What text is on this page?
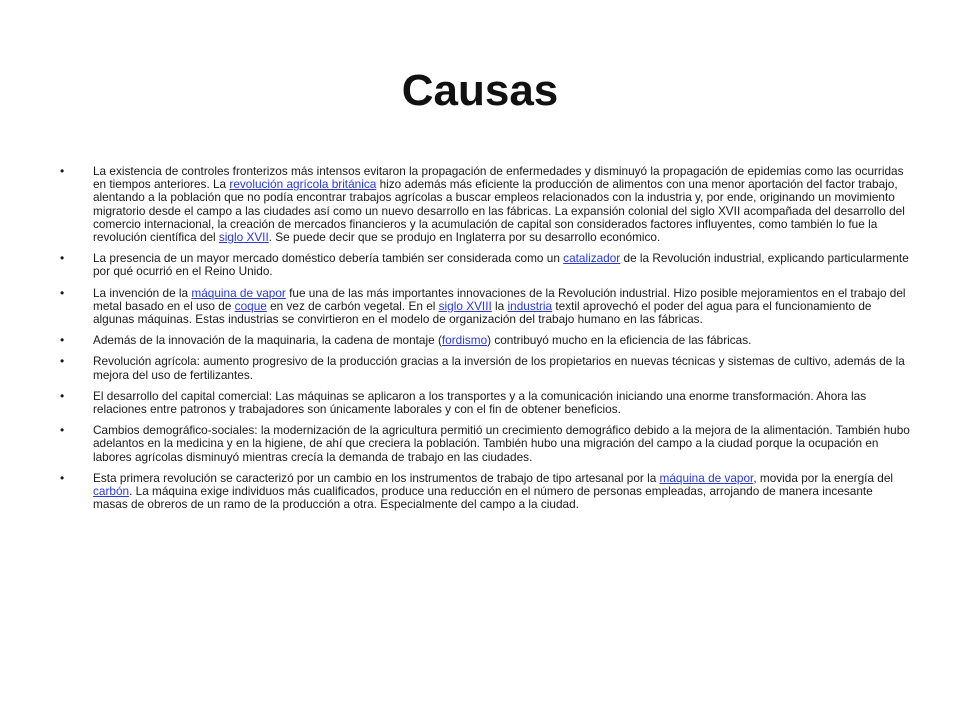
Causas
•	La existencia de controles fronterizos más intensos evitaron la propagación de enfermedades y disminuyó la propagación de epidemias como las ocurridas en tiempos anteriores. La revolución agrícola británica hizo además más eficiente la producción de alimentos con una menor aportación del factor trabajo, alentando a la población que no podía encontrar trabajos agrícolas a buscar empleos relacionados con la industria y, por ende, originando un movimiento migratorio desde el campo a las ciudades así como un nuevo desarrollo en las fábricas. La expansión colonial del siglo XVII acompañada del desarrollo del comercio internacional, la creación de mercados financieros y la acumulación de capital son considerados factores influyentes, como también lo fue la revolución científica del siglo XVII. Se puede decir que se produjo en Inglaterra por su desarrollo económico.
•	La presencia de un mayor mercado doméstico debería también ser considerada como un catalizador de la Revolución industrial, explicando particularmente por qué ocurrió en el Reino Unido.
•	La invención de la máquina de vapor fue una de las más importantes innovaciones de la Revolución industrial. Hizo posible mejoramientos en el trabajo del metal basado en el uso de coque en vez de carbón vegetal. En el siglo XVIII la industria textil aprovechó el poder del agua para el funcionamiento de algunas máquinas. Estas industrias se convirtieron en el modelo de organización del trabajo humano en las fábricas.
•	Además de la innovación de la maquinaria, la cadena de montaje (fordismo) contribuyó mucho en la eficiencia de las fábricas.
•	Revolución agrícola: aumento progresivo de la producción gracias a la inversión de los propietarios en nuevas técnicas y sistemas de cultivo, además de la mejora del uso de fertilizantes.
•	El desarrollo del capital comercial: Las máquinas se aplicaron a los transportes y a la comunicación iniciando una enorme transformación. Ahora las relaciones entre patronos y trabajadores son únicamente laborales y con el fin de obtener beneficios.
•	Cambios demográfico-sociales: la modernización de la agricultura permitió un crecimiento demográfico debido a la mejora de la alimentación. También hubo adelantos en la medicina y en la higiene, de ahí que creciera la población. También hubo una migración del campo a la ciudad porque la ocupación en labores agrícolas disminuyó mientras crecía la demanda de trabajo en las ciudades.
•	Esta primera revolución se caracterizó por un cambio en los instrumentos de trabajo de tipo artesanal por la máquina de vapor, movida por la energía del carbón. La máquina exige individuos más cualificados, produce una reducción en el número de personas empleadas, arrojando de manera incesante masas de obreros de un ramo de la producción a otra. Especialmente del campo a la ciudad.
